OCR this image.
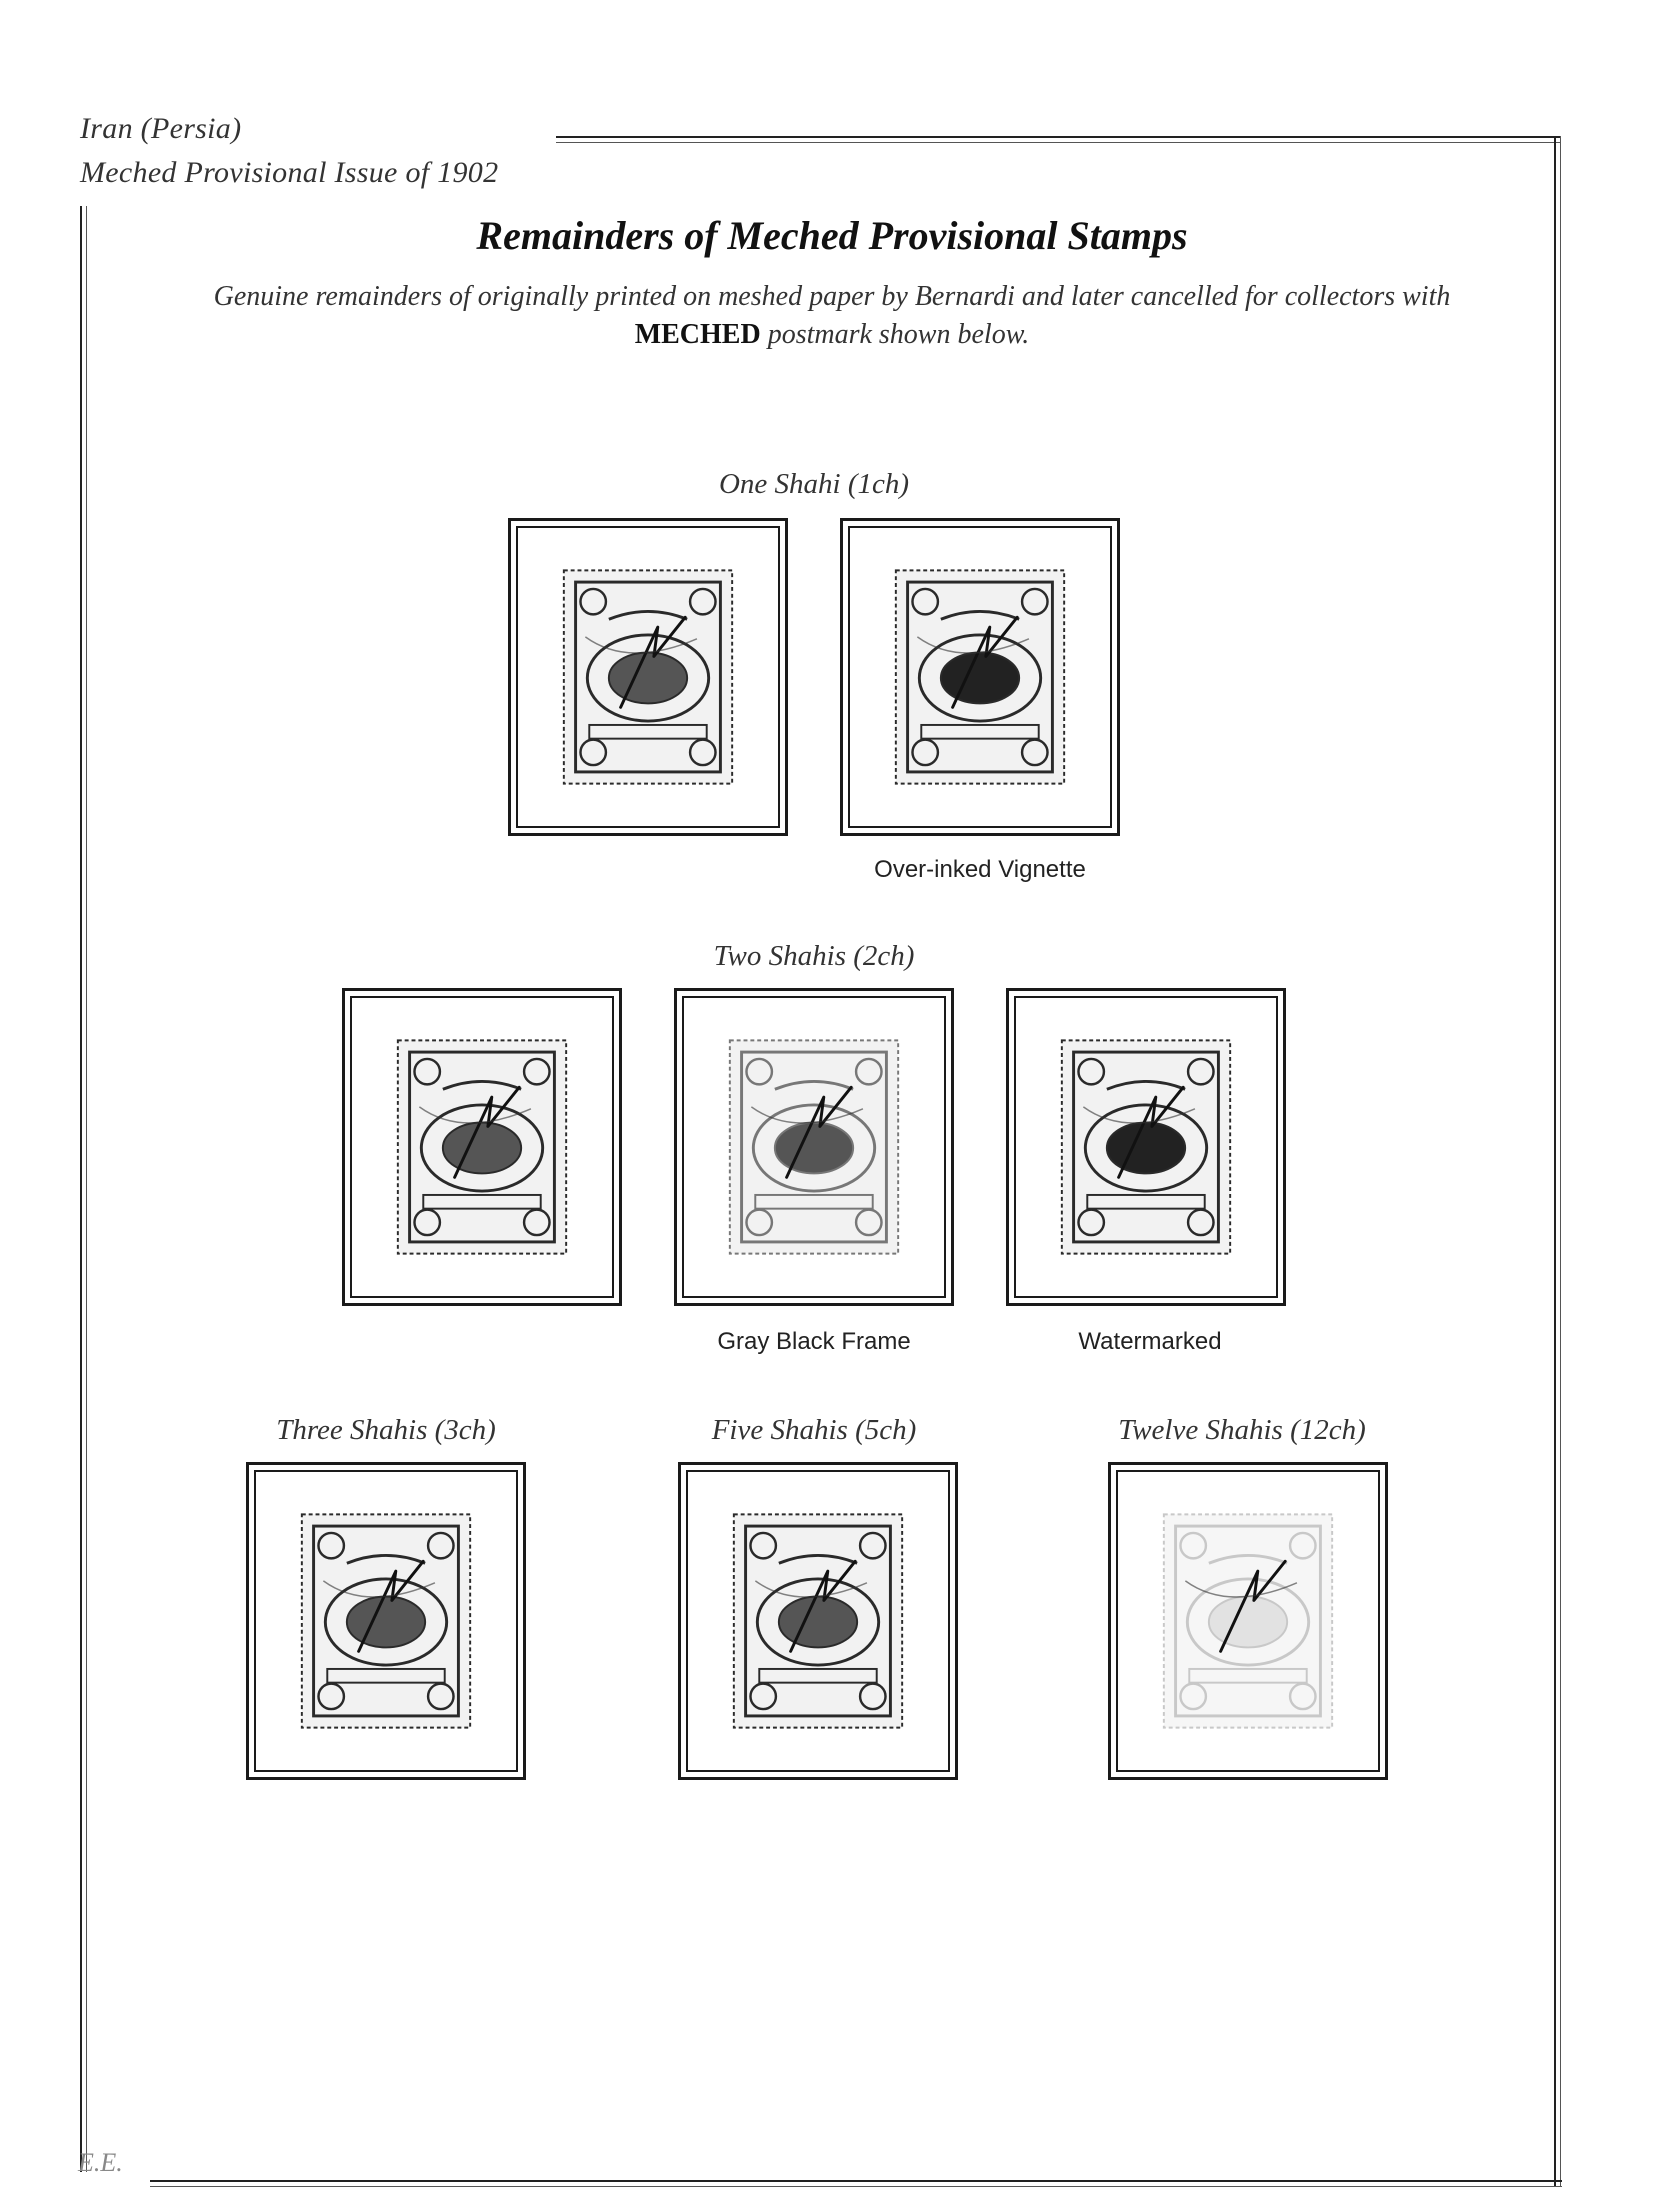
Iran (Persia)
Meched Provisional Issue of 1902
Remainders of Meched Provisional Stamps
Genuine remainders of originally printed on meshed paper by Bernardi and later cancelled for collectors with MECHED postmark shown below.
One Shahi (1ch)
Over-inked Vignette
Two Shahis (2ch)
Gray Black Frame	Watermarked
Three Shahis (3ch)	Five Shahis (5ch)	Twelve Shahis (12ch)
E.E.
